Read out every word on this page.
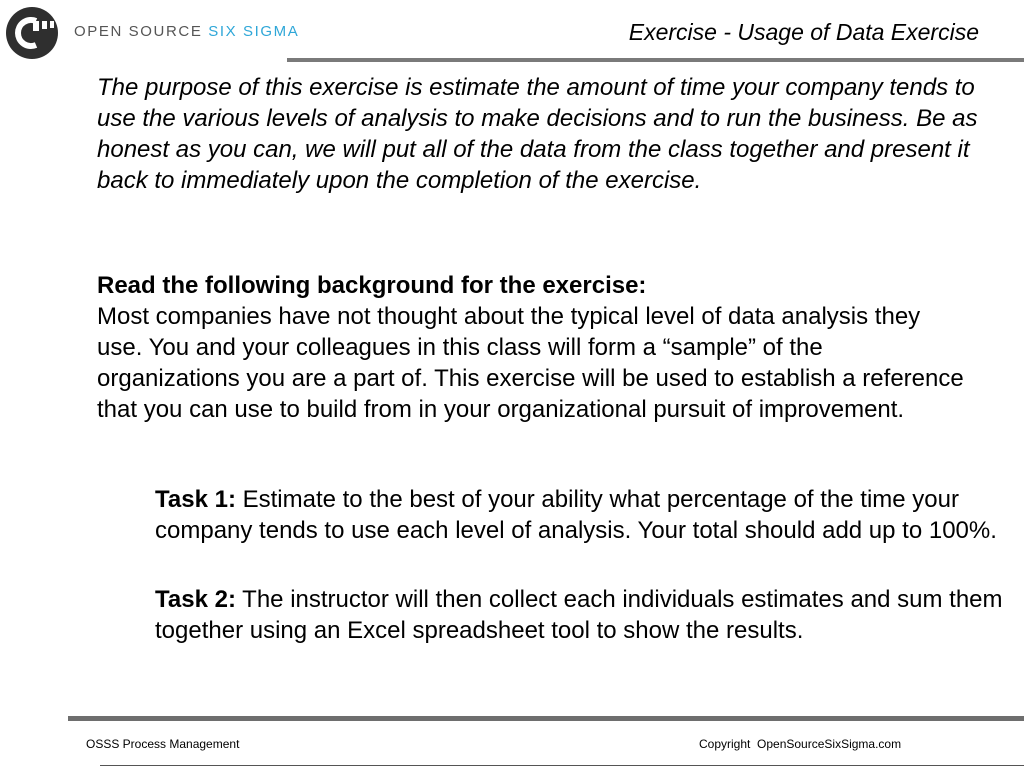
OPEN SOURCE SIX SIGMA	Exercise - Usage of Data Exercise
The purpose of this exercise is estimate the amount of time your company tends to use the various levels of analysis to make decisions and to run the business. Be as honest as you can, we will put all of the data from the class together and present it back to immediately upon the completion of the exercise.
Read the following background for the exercise:
Most companies have not thought about the typical level of data analysis they use. You and your colleagues in this class will form a “sample” of the organizations you are a part of. This exercise will be used to establish a reference that you can use to build from in your organizational pursuit of improvement.
Task 1: Estimate to the best of your ability what percentage of the time your company tends to use each level of analysis. Your total should add up to 100%.
Task 2: The instructor will then collect each individuals estimates and sum them together using an Excel spreadsheet tool to show the results.
OSSS Process Management	Copyright  OpenSourceSixSigma.com
